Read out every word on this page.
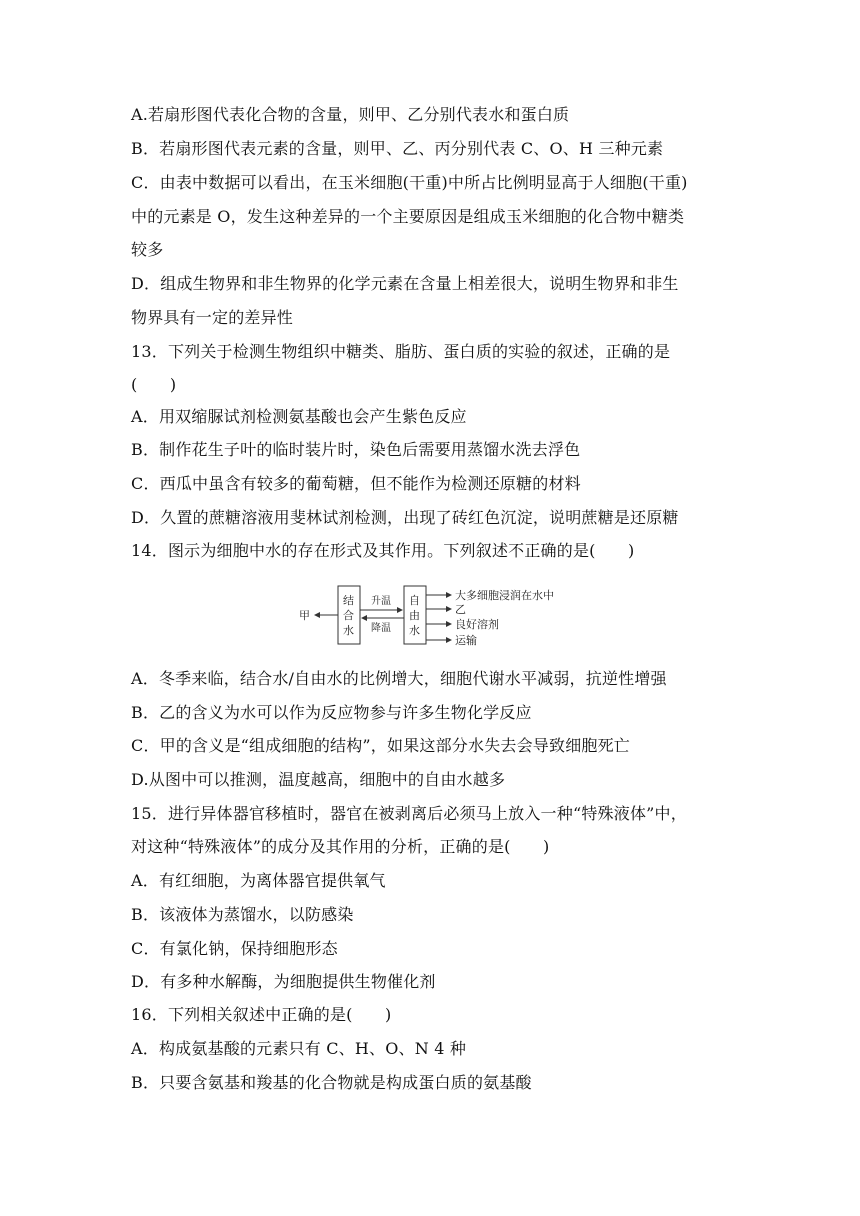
A.若扇形图代表化合物的含量，则甲、乙分别代表水和蛋白质
B．若扇形图代表元素的含量，则甲、乙、丙分别代表 C、O、H 三种元素
C．由表中数据可以看出，在玉米细胞(干重)中所占比例明显高于人细胞(干重)
中的元素是 O，发生这种差异的一个主要原因是组成玉米细胞的化合物中糖类
较多
D．组成生物界和非生物界的化学元素在含量上相差很大，说明生物界和非生
物界具有一定的差异性
13．下列关于检测生物组织中糖类、脂肪、蛋白质的实验的叙述，正确的是
(　　)
A．用双缩脲试剂检测氨基酸也会产生紫色反应
B．制作花生子叶的临时装片时，染色后需要用蒸馏水洗去浮色
C．西瓜中虽含有较多的葡萄糖，但不能作为检测还原糖的材料
D．久置的蔗糖溶液用斐林试剂检测，出现了砖红色沉淀，说明蔗糖是还原糖
14．图示为细胞中水的存在形式及其作用。下列叙述不正确的是(　　)
甲
结
合
水
升温
降温
自
由
水
大多细胞浸润在水中
乙
良好溶剂
运输
A．冬季来临，结合水/自由水的比例增大，细胞代谢水平减弱，抗逆性增强
B．乙的含义为水可以作为反应物参与许多生物化学反应
C．甲的含义是“组成细胞的结构”，如果这部分水失去会导致细胞死亡
D.从图中可以推测，温度越高，细胞中的自由水越多
15．进行异体器官移植时，器官在被剥离后必须马上放入一种“特殊液体”中，
对这种“特殊液体”的成分及其作用的分析，正确的是(　　)
A．有红细胞，为离体器官提供氧气
B．该液体为蒸馏水，以防感染
C．有氯化钠，保持细胞形态
D．有多种水解酶，为细胞提供生物催化剂
16．下列相关叙述中正确的是(　　)
A．构成氨基酸的元素只有 C、H、O、N 4 种
B．只要含氨基和羧基的化合物就是构成蛋白质的氨基酸
